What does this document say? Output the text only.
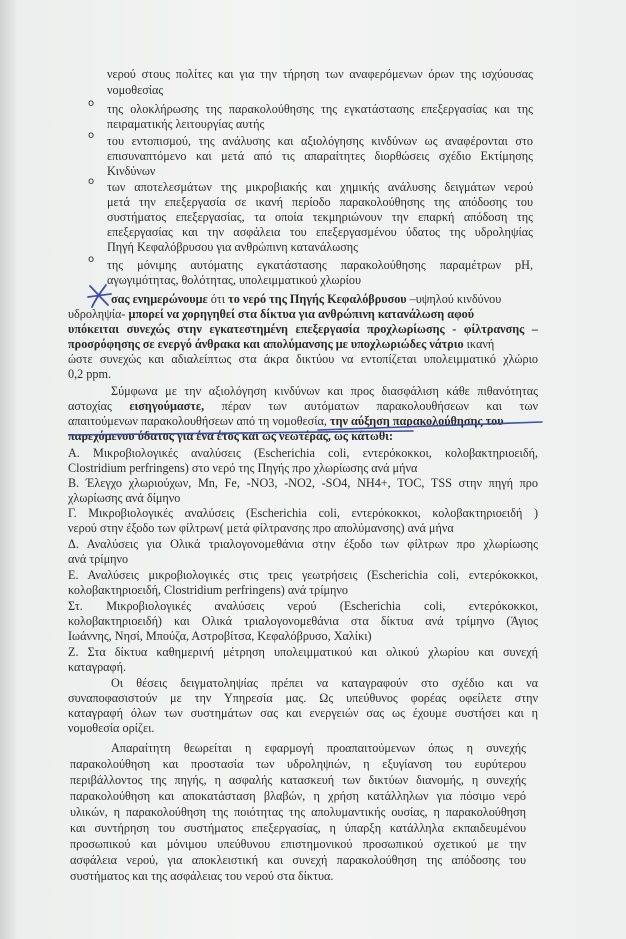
νερού στους πολίτες και για την τήρηση των αναφερόμενων όρων της ισχύουσας
νομοθεσίας
o της ολοκλήρωσης της παρακολούθησης της εγκατάστασης επεξεργασίας και της
πειραματικής λειτουργίας αυτής
o του εντοπισμού, της ανάλυσης και αξιολόγησης κινδύνων ως αναφέρονται στο
επισυναπτόμενο και μετά από τις απαραίτητες διορθώσεις σχέδιο Εκτίμησης
Κινδύνων
o των αποτελεσμάτων της μικροβιακής και χημικής ανάλυσης δειγμάτων νερού
μετά την επεξεργασία σε ικανή περίοδο παρακολούθησης της απόδοσης του
συστήματος επεξεργασίας, τα οποία τεκμηριώνουν την επαρκή απόδοση της
επεξεργασίας και την ασφάλεια του επεξεργασμένου ύδατος της υδροληψίας
Πηγή Κεφαλόβρυσου για ανθρώπινη κατανάλωσης
o της μόνιμης αυτόματης εγκατάστασης παρακολούθησης παραμέτρων pH,
αγωγιμότητας, θολότητας, υπολειμματικού χλωρίου
σας ενημερώνουμε ότι το νερό της Πηγής Κεφαλόβρυσου –υψηλού κινδύνου
υδροληψία- μπορεί να χορηγηθεί στα δίκτυα για ανθρώπινη κατανάλωση αφού
υπόκειται συνεχώς στην εγκατεστημένη επεξεργασία προχλωρίωσης - φίλτρανσης –
προσρόφησης σε ενεργό άνθρακα και απολύμανσης με υποχλωριώδες νάτριο ικανή
ώστε συνεχώς και αδιαλείπτως στα άκρα δικτύου να εντοπίζεται υπολειμματικό χλώριο
0,2 ppm.
Σύμφωνα με την αξιολόγηση κινδύνων και προς διασφάλιση κάθε πιθανότητας
αστοχίας εισηγούμαστε, πέραν των αυτόματων παρακολουθήσεων και των
απαιτούμενων παρακολουθήσεων από τη νομοθεσία, την αύξηση παρακολούθησης του
παρεχόμενου ύδατος για ένα έτος και ως νεωτέρας, ως κάτωθι:
Α. Μικροβιολογικές αναλύσεις (Escherichia coli, εντερόκοκκοι, κολοβακτηριοειδή,
Clostridium perfringens) στο νερό της Πηγής προ χλωρίωσης ανά μήνα
Β. Έλεγχο χλωριούχων, Mn, Fe, -NO3, -NO2, -SO4, NH4+, TOC, TSS στην πηγή προ
χλωρίωσης ανά δίμηνο
Γ. Μικροβιολογικές αναλύσεις (Escherichia coli, εντερόκοκκοι, κολοβακτηριοειδή )
νερού στην έξοδο των φίλτρων( μετά φίλτρανσης προ απολύμανσης) ανά μήνα
Δ. Αναλύσεις για Ολικά τριαλογονομεθάνια στην έξοδο των φίλτρων προ χλωρίωσης
ανά τρίμηνο
Ε. Αναλύσεις μικροβιολογικές στις τρεις γεωτρήσεις (Escherichia coli, εντερόκοκκοι,
κολοβακτηριοειδή, Clostridium perfringens) ανά τρίμηνο
Στ. Μικροβιολογικές αναλύσεις νερού (Escherichia coli, εντερόκοκκοι,
κολοβακτηριοειδή) και Ολικά τριαλογονομεθάνια στα δίκτυα ανά τρίμηνο (Άγιος
Ιωάννης, Νησί, Μπούζα, Αστροβίτσα, Κεφαλόβρυσο, Χαλίκι)
Ζ. Στα δίκτυα καθημερινή μέτρηση υπολειμματικού και ολικού χλωρίου και συνεχή
καταγραφή.
Οι θέσεις δειγματοληψίας πρέπει να καταγραφούν στο σχέδιο και να
συναποφασιστούν με την Υπηρεσία μας. Ως υπεύθυνος φορέας οφείλετε στην
καταγραφή όλων των συστημάτων σας και ενεργειών σας ως έχουμε συστήσει και η
νομοθεσία ορίζει.
Απαραίτητη θεωρείται η εφαρμογή προαπαιτούμενων όπως η συνεχής
παρακολούθηση και προστασία των υδροληψιών, η εξυγίανση του ευρύτερου
περιβάλλοντος της πηγής, η ασφαλής κατασκευή των δικτύων διανομής, η συνεχής
παρακολούθηση και αποκατάσταση βλαβών, η χρήση κατάλληλων για πόσιμο νερό
υλικών, η παρακολούθηση της ποιότητας της απολυμαντικής ουσίας, η παρακολούθηση
και συντήρηση του συστήματος επεξεργασίας, η ύπαρξη κατάλληλα εκπαιδευμένου
προσωπικού και μόνιμου υπεύθυνου επιστημονικού προσωπικού σχετικού με την
ασφάλεια νερού, για αποκλειστική και συνεχή παρακολούθηση της απόδοσης του
συστήματος και της ασφάλειας του νερού στα δίκτυα.
